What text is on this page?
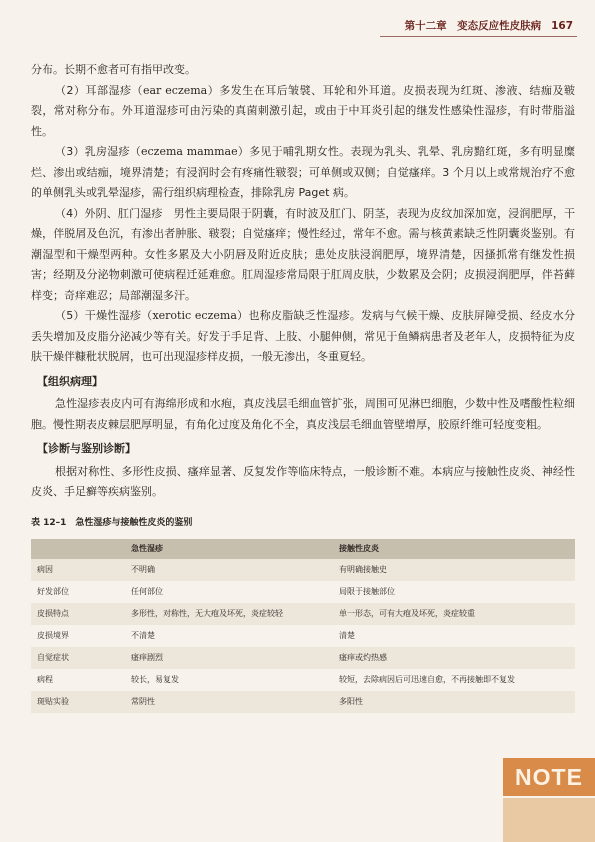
第十二章　变态反应性皮肤病 167

分布。长期不愈者可有指甲改变。

（2）耳部湿疹（ear eczema）多发生在耳后皱襞、耳轮和外耳道。皮损表现为红斑、渗液、结痂及皲裂，常对称分布。外耳道湿疹可由污染的真菌刺激引起，或由于中耳炎引起的继发性感染性湿疹，有时带脂溢性。

（3）乳房湿疹（eczema mammae）多见于哺乳期女性。表现为乳头、乳晕、乳房黯红斑，多有明显糜烂、渗出或结痂，境界清楚；有浸润时会有疼痛性皲裂；可单侧或双侧；自觉瘙痒。3 个月以上或常规治疗不愈的单侧乳头或乳晕湿疹，需行组织病理检查，排除乳房 Paget 病。

（4）外阴、肛门湿疹　男性主要局限于阴囊，有时波及肛门、阴茎，表现为皮纹加深加宽，浸润肥厚，干燥，伴脱屑及色沉，有渗出者肿胀、皲裂；自觉瘙痒；慢性经过，常年不愈。需与核黄素缺乏性阴囊炎鉴别。有潮湿型和干燥型两种。女性多累及大小阴唇及附近皮肤；患处皮肤浸润肥厚，境界清楚，因搔抓常有继发性损害；经期及分泌物刺激可使病程迁延难愈。肛周湿疹常局限于肛周皮肤，少数累及会阴；皮损浸润肥厚，伴苔藓样变；奇痒难忍；局部潮湿多汗。

（5）干燥性湿疹（xerotic eczema）也称皮脂缺乏性湿疹。发病与气候干燥、皮肤屏障受损、经皮水分丢失增加及皮脂分泌减少等有关。好发于手足背、上肢、小腿伸侧，常见于鱼鳞病患者及老年人，皮损特征为皮肤干燥伴糠秕状脱屑，也可出现湿疹样皮损，一般无渗出，冬重夏轻。

【组织病理】

急性湿疹表皮内可有海绵形成和水疱，真皮浅层毛细血管扩张，周围可见淋巴细胞，少数中性及嗜酸性粒细胞。慢性期表皮棘层肥厚明显，有角化过度及角化不全，真皮浅层毛细血管壁增厚，胶原纤维可轻度变粗。

【诊断与鉴别诊断】

根据对称性、多形性皮损、瘙痒显著、反复发作等临床特点，一般诊断不难。本病应与接触性皮炎、神经性皮炎、手足癣等疾病鉴别。

表 12–1　急性湿疹与接触性皮炎的鉴别

	急性湿疹	接触性皮炎
病因	不明确	有明确接触史
好发部位	任何部位	局限于接触部位
皮损特点	多形性，对称性，无大疱及坏死，炎症较轻	单一形态，可有大疱及坏死，炎症较重
皮损境界	不清楚	清楚
自觉症状	瘙痒剧烈	瘙痒或灼热感
病程	较长，易复发	较短，去除病因后可迅速自愈，不再接触即不复发
斑贴实验	常阴性	多阳性
NOTE
